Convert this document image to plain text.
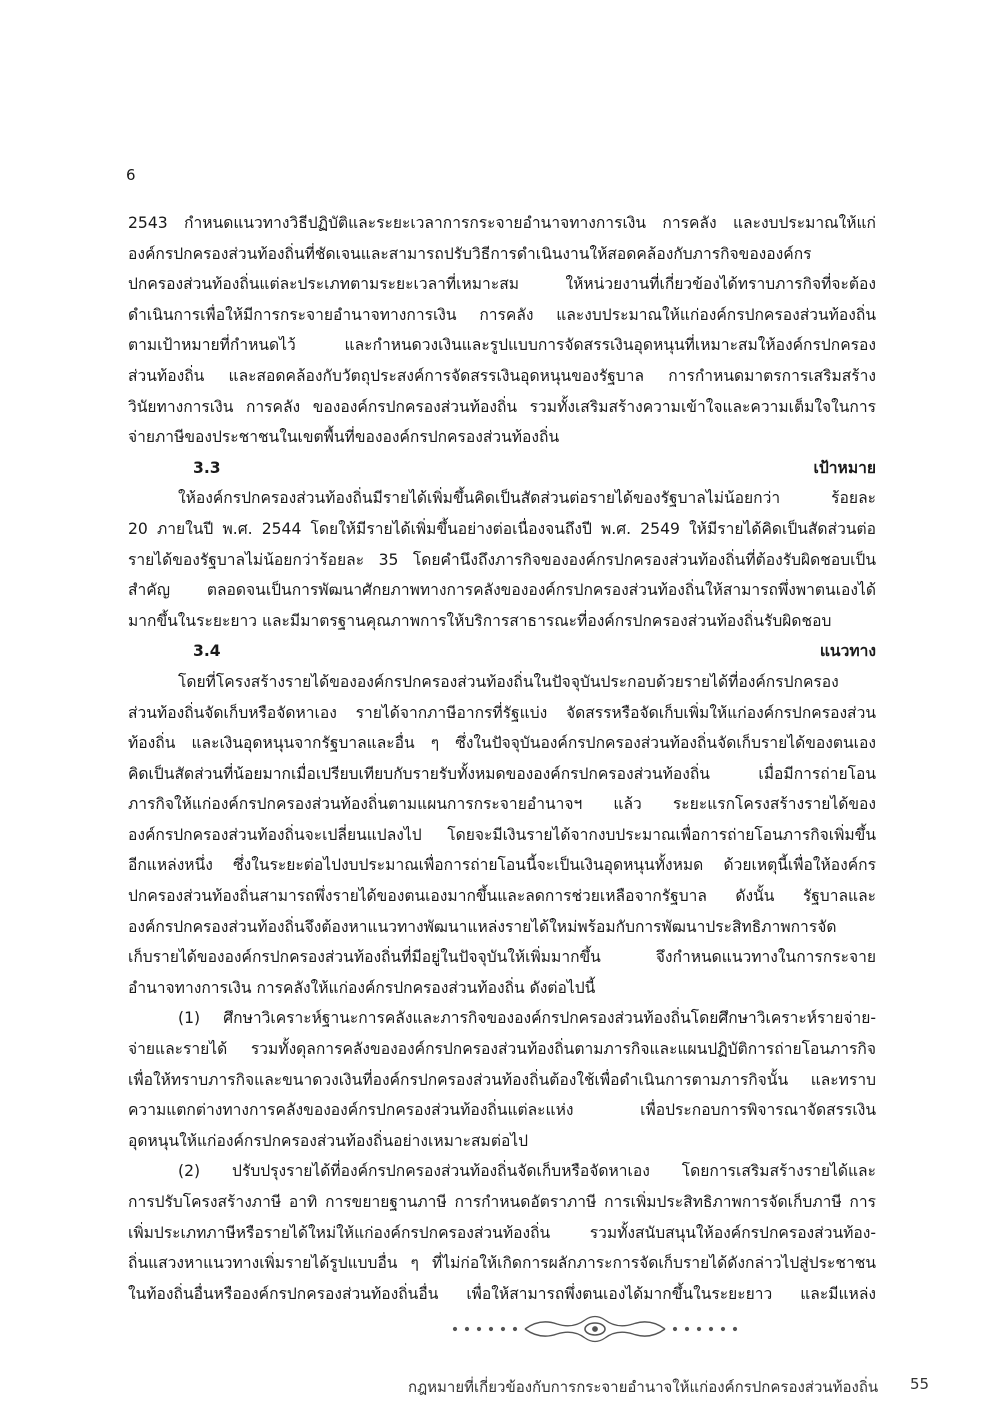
6

2543 กำหนดแนวทางวิธีปฏิบัติและระยะเวลาการกระจายอำนาจทางการเงิน การคลัง และงบประมาณให้แก่

องค์กรปกครองส่วนท้องถิ่นที่ชัดเจนและสามารถปรับวิธีการดำเนินงานให้สอดคล้องกับภารกิจขององค์กร

ปกครองส่วนท้องถิ่นแต่ละประเภทตามระยะเวลาที่เหมาะสม ให้หน่วยงานที่เกี่ยวข้องได้ทราบภารกิจที่จะต้อง

ดำเนินการเพื่อให้มีการกระจายอำนาจทางการเงิน การคลัง และงบประมาณให้แก่องค์กรปกครองส่วนท้องถิ่น

ตามเป้าหมายที่กำหนดไว้ และกำหนดวงเงินและรูปแบบการจัดสรรเงินอุดหนุนที่เหมาะสมให้องค์กรปกครอง

ส่วนท้องถิ่น และสอดคล้องกับวัตถุประสงค์การจัดสรรเงินอุดหนุนของรัฐบาล การกำหนดมาตรการเสริมสร้าง

วินัยทางการเงิน การคลัง ขององค์กรปกครองส่วนท้องถิ่น รวมทั้งเสริมสร้างความเข้าใจและความเต็มใจในการ

จ่ายภาษีของประชาชนในเขตพื้นที่ขององค์กรปกครองส่วนท้องถิ่น

3.3 เป้าหมาย

ให้องค์กรปกครองส่วนท้องถิ่นมีรายได้เพิ่มขึ้นคิดเป็นสัดส่วนต่อรายได้ของรัฐบาลไม่น้อยกว่า ร้อยละ

20 ภายในปี พ.ศ. 2544 โดยให้มีรายได้เพิ่มขึ้นอย่างต่อเนื่องจนถึงปี พ.ศ. 2549 ให้มีรายได้คิดเป็นสัดส่วนต่อ

รายได้ของรัฐบาลไม่น้อยกว่าร้อยละ 35 โดยคำนึงถึงภารกิจขององค์กรปกครองส่วนท้องถิ่นที่ต้องรับผิดชอบเป็น

สำคัญ ตลอดจนเป็นการพัฒนาศักยภาพทางการคลังขององค์กรปกครองส่วนท้องถิ่นให้สามารถพึ่งพาตนเองได้

มากขึ้นในระยะยาว และมีมาตรฐานคุณภาพการให้บริการสาธารณะที่องค์กรปกครองส่วนท้องถิ่นรับผิดชอบ

3.4 แนวทาง

โดยที่โครงสร้างรายได้ขององค์กรปกครองส่วนท้องถิ่นในปัจจุบันประกอบด้วยรายได้ที่องค์กรปกครอง

ส่วนท้องถิ่นจัดเก็บหรือจัดหาเอง รายได้จากภาษีอากรที่รัฐแบ่ง จัดสรรหรือจัดเก็บเพิ่มให้แก่องค์กรปกครองส่วน

ท้องถิ่น และเงินอุดหนุนจากรัฐบาลและอื่น ๆ ซึ่งในปัจจุบันองค์กรปกครองส่วนท้องถิ่นจัดเก็บรายได้ของตนเอง

คิดเป็นสัดส่วนที่น้อยมากเมื่อเปรียบเทียบกับรายรับทั้งหมดขององค์กรปกครองส่วนท้องถิ่น เมื่อมีการถ่ายโอน

ภารกิจให้แก่องค์กรปกครองส่วนท้องถิ่นตามแผนการกระจายอำนาจฯ แล้ว ระยะแรกโครงสร้างรายได้ของ

องค์กรปกครองส่วนท้องถิ่นจะเปลี่ยนแปลงไป โดยจะมีเงินรายได้จากงบประมาณเพื่อการถ่ายโอนภารกิจเพิ่มขึ้น

อีกแหล่งหนึ่ง ซึ่งในระยะต่อไปงบประมาณเพื่อการถ่ายโอนนี้จะเป็นเงินอุดหนุนทั้งหมด ด้วยเหตุนี้เพื่อให้องค์กร

ปกครองส่วนท้องถิ่นสามารถพึ่งรายได้ของตนเองมากขึ้นและลดการช่วยเหลือจากรัฐบาล ดังนั้น รัฐบาลและ

องค์กรปกครองส่วนท้องถิ่นจึงต้องหาแนวทางพัฒนาแหล่งรายได้ใหม่พร้อมกับการพัฒนาประสิทธิภาพการจัด

เก็บรายได้ขององค์กรปกครองส่วนท้องถิ่นที่มีอยู่ในปัจจุบันให้เพิ่มมากขึ้น จึงกำหนดแนวทางในการกระจาย

อำนาจทางการเงิน การคลังให้แก่องค์กรปกครองส่วนท้องถิ่น ดังต่อไปนี้

(1) ศึกษาวิเคราะห์ฐานะการคลังและภารกิจขององค์กรปกครองส่วนท้องถิ่นโดยศึกษาวิเคราะห์รายจ่าย-

จ่ายและรายได้ รวมทั้งดุลการคลังขององค์กรปกครองส่วนท้องถิ่นตามภารกิจและแผนปฏิบัติการถ่ายโอนภารกิจ

เพื่อให้ทราบภารกิจและขนาดวงเงินที่องค์กรปกครองส่วนท้องถิ่นต้องใช้เพื่อดำเนินการตามภารกิจนั้น และทราบ

ความแตกต่างทางการคลังขององค์กรปกครองส่วนท้องถิ่นแต่ละแห่ง เพื่อประกอบการพิจารณาจัดสรรเงิน

อุดหนุนให้แก่องค์กรปกครองส่วนท้องถิ่นอย่างเหมาะสมต่อไป

(2) ปรับปรุงรายได้ที่องค์กรปกครองส่วนท้องถิ่นจัดเก็บหรือจัดหาเอง โดยการเสริมสร้างรายได้และ

การปรับโครงสร้างภาษี อาทิ การขยายฐานภาษี การกำหนดอัตราภาษี การเพิ่มประสิทธิภาพการจัดเก็บภาษี การ

เพิ่มประเภทภาษีหรือรายได้ใหม่ให้แก่องค์กรปกครองส่วนท้องถิ่น รวมทั้งสนับสนุนให้องค์กรปกครองส่วนท้อง-

ถิ่นแสวงหาแนวทางเพิ่มรายได้รูปแบบอื่น ๆ ที่ไม่ก่อให้เกิดการผลักภาระการจัดเก็บรายได้ดังกล่าวไปสู่ประชาชน

ในท้องถิ่นอื่นหรือองค์กรปกครองส่วนท้องถิ่นอื่น เพื่อให้สามารถพึ่งตนเองได้มากขึ้นในระยะยาว และมีแหล่ง

กฎหมายที่เกี่ยวข้องกับการกระจายอำนาจให้แก่องค์กรปกครองส่วนท้องถิ่น 55
